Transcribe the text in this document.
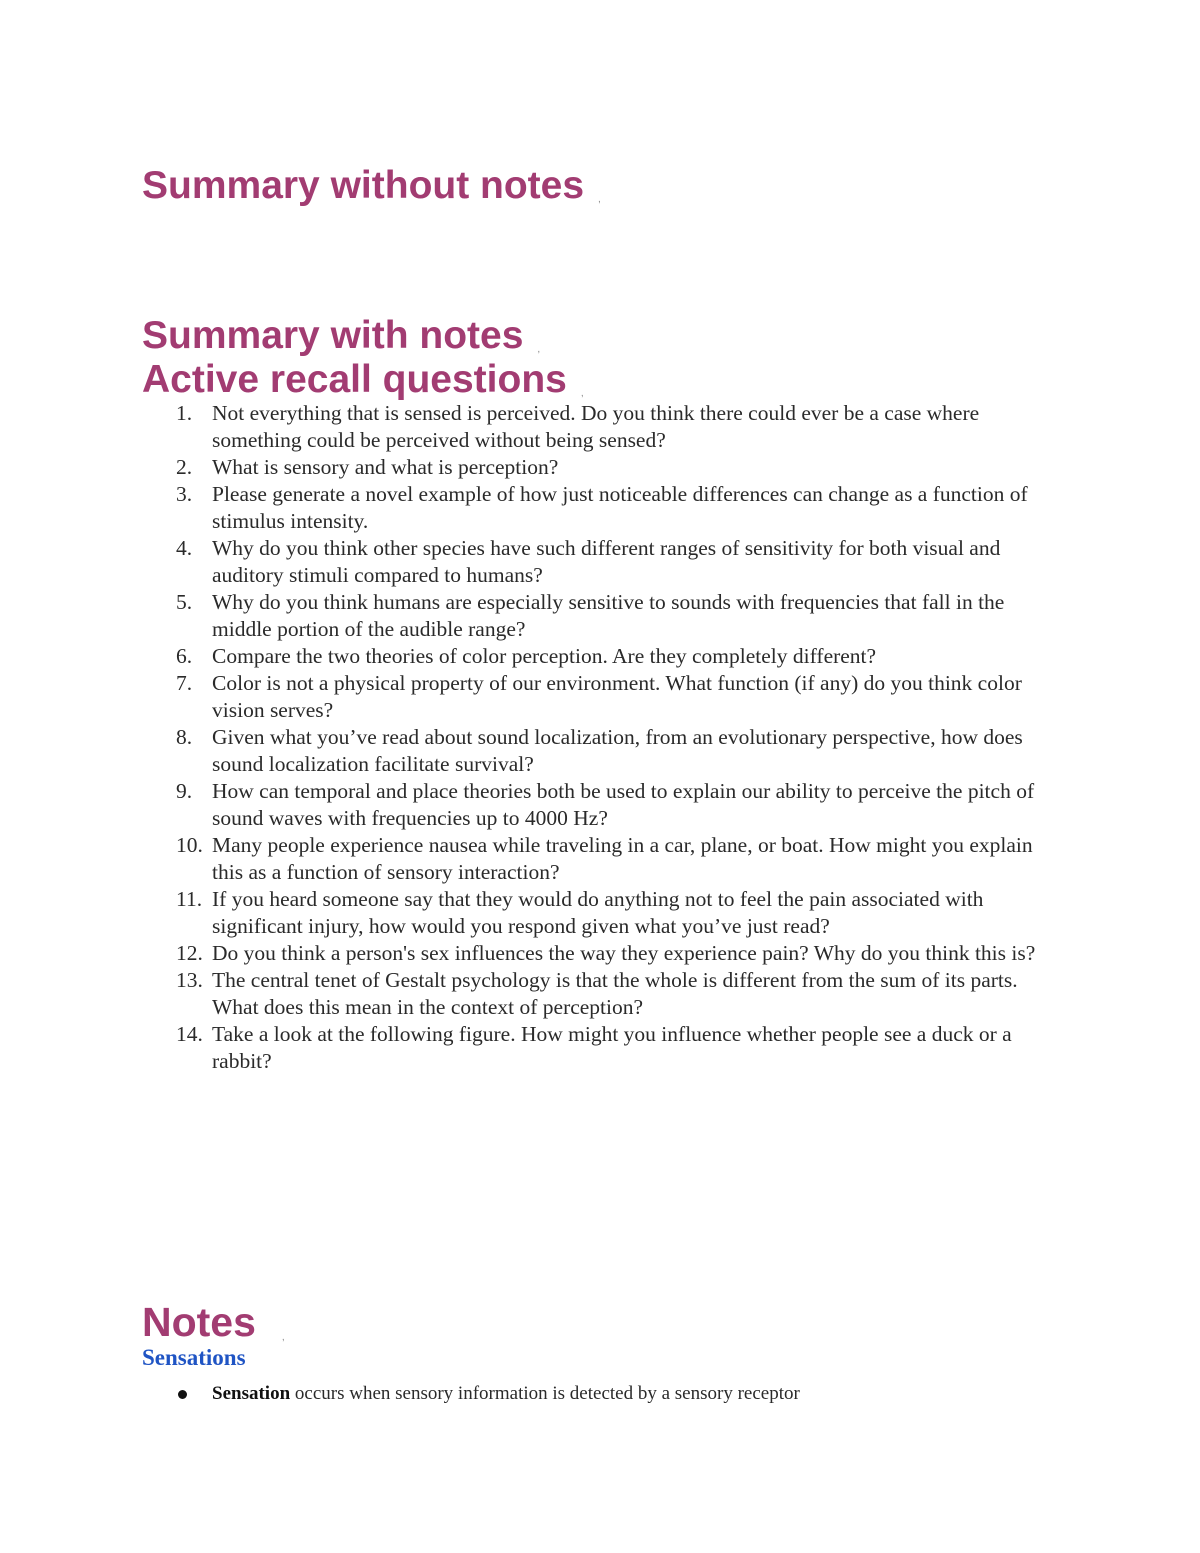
Summary without notes ,
Summary with notes ,
Active recall questions ,
1. Not everything that is sensed is perceived. Do you think there could ever be a case where something could be perceived without being sensed?
2. What is sensory and what is perception?
3. Please generate a novel example of how just noticeable differences can change as a function of stimulus intensity.
4. Why do you think other species have such different ranges of sensitivity for both visual and auditory stimuli compared to humans?
5. Why do you think humans are especially sensitive to sounds with frequencies that fall in the middle portion of the audible range?
6. Compare the two theories of color perception. Are they completely different?
7. Color is not a physical property of our environment. What function (if any) do you think color vision serves?
8. Given what you’ve read about sound localization, from an evolutionary perspective, how does sound localization facilitate survival?
9. How can temporal and place theories both be used to explain our ability to perceive the pitch of sound waves with frequencies up to 4000 Hz?
10. Many people experience nausea while traveling in a car, plane, or boat. How might you explain this as a function of sensory interaction?
11. If you heard someone say that they would do anything not to feel the pain associated with significant injury, how would you respond given what you’ve just read?
12. Do you think a person's sex influences the way they experience pain? Why do you think this is?
13. The central tenet of Gestalt psychology is that the whole is different from the sum of its parts. What does this mean in the context of perception?
14. Take a look at the following figure. How might you influence whether people see a duck or a rabbit?
Notes	,
Sensations
Sensation occurs when sensory information is detected by a sensory receptor
